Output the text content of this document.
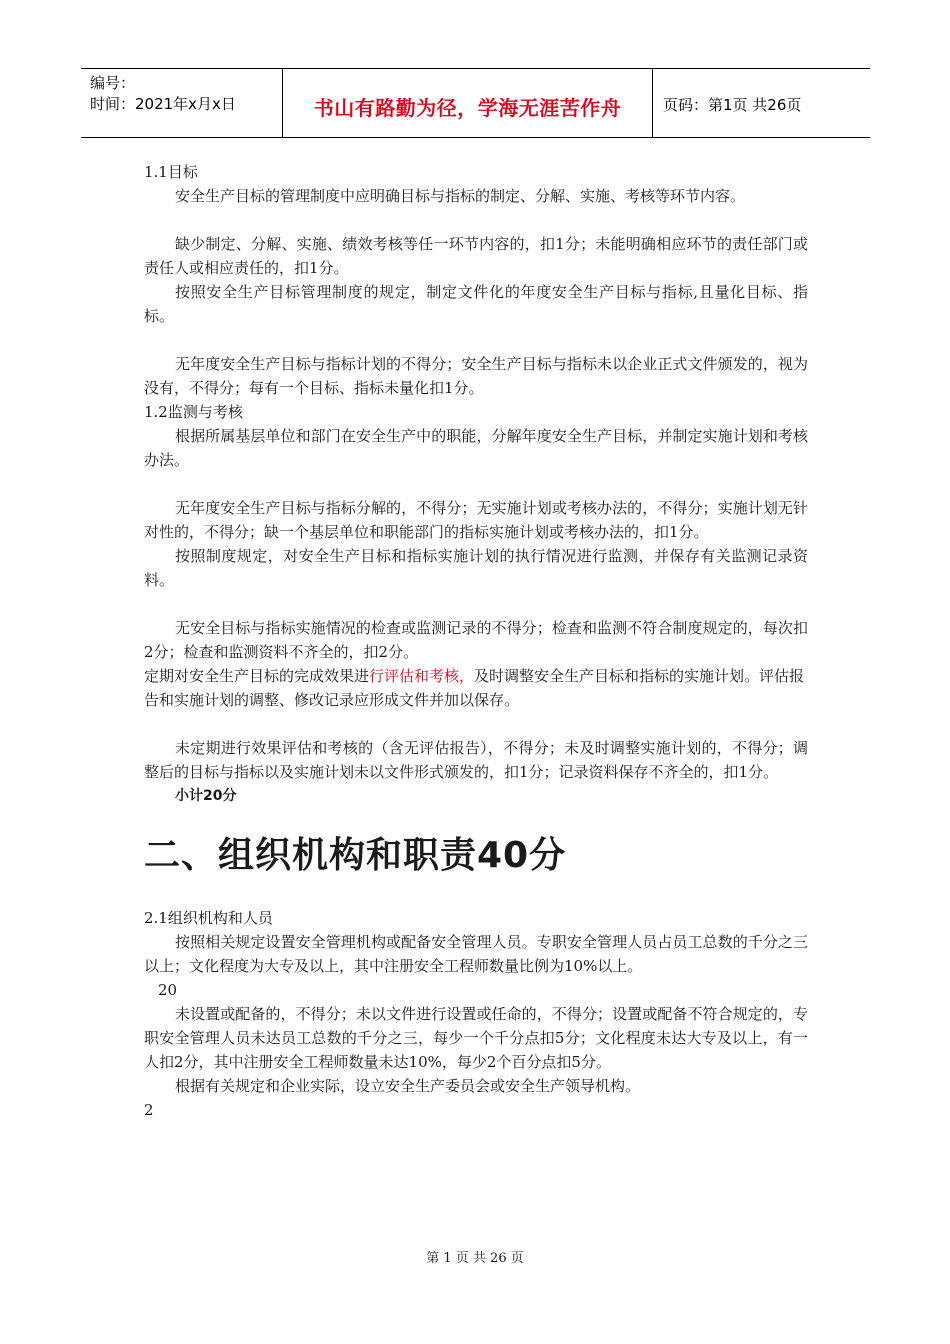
编号：
时间：2021年x月x日	书山有路勤为径，学海无涯苦作舟	页码：第1页 共26页

1.1目标

安全生产目标的管理制度中应明确目标与指标的制定、分解、实施、考核等环节内容。

缺少制定、分解、实施、绩效考核等任一环节内容的，扣1分；未能明确相应环节的责任部门或责任人或相应责任的，扣1分。

按照安全生产目标管理制度的规定，制定文件化的年度安全生产目标与指标,且量化目标、指标。

无年度安全生产目标与指标计划的不得分；安全生产目标与指标未以企业正式文件颁发的，视为没有，不得分；每有一个目标、指标未量化扣1分。

1.2监测与考核

根据所属基层单位和部门在安全生产中的职能，分解年度安全生产目标，并制定实施计划和考核办法。

无年度安全生产目标与指标分解的，不得分；无实施计划或考核办法的，不得分；实施计划无针对性的，不得分；缺一个基层单位和职能部门的指标实施计划或考核办法的，扣1分。

按照制度规定，对安全生产目标和指标实施计划的执行情况进行监测，并保存有关监测记录资料。

无安全目标与指标实施情况的检查或监测记录的不得分；检查和监测不符合制度规定的，每次扣2分；检查和监测资料不齐全的，扣2分。

定期对安全生产目标的完成效果进行评估和考核，及时调整安全生产目标和指标的实施计划。评估报告和实施计划的调整、修改记录应形成文件并加以保存。

未定期进行效果评估和考核的（含无评估报告），不得分；未及时调整实施计划的，不得分；调整后的目标与指标以及实施计划未以文件形式颁发的，扣1分；记录资料保存不齐全的，扣1分。

小计20分

二、组织机构和职责40分

2.1组织机构和人员

按照相关规定设置安全管理机构或配备安全管理人员。专职安全管理人员占员工总数的千分之三以上；文化程度为大专及以上，其中注册安全工程师数量比例为10%以上。

20

未设置或配备的，不得分；未以文件进行设置或任命的，不得分；设置或配备不符合规定的，专职安全管理人员未达员工总数的千分之三，每少一个千分点扣5分；文化程度未达大专及以上，有一人扣2分，其中注册安全工程师数量未达10%，每少2个百分点扣5分。

根据有关规定和企业实际，设立安全生产委员会或安全生产领导机构。

2

第 1 页 共 26 页
